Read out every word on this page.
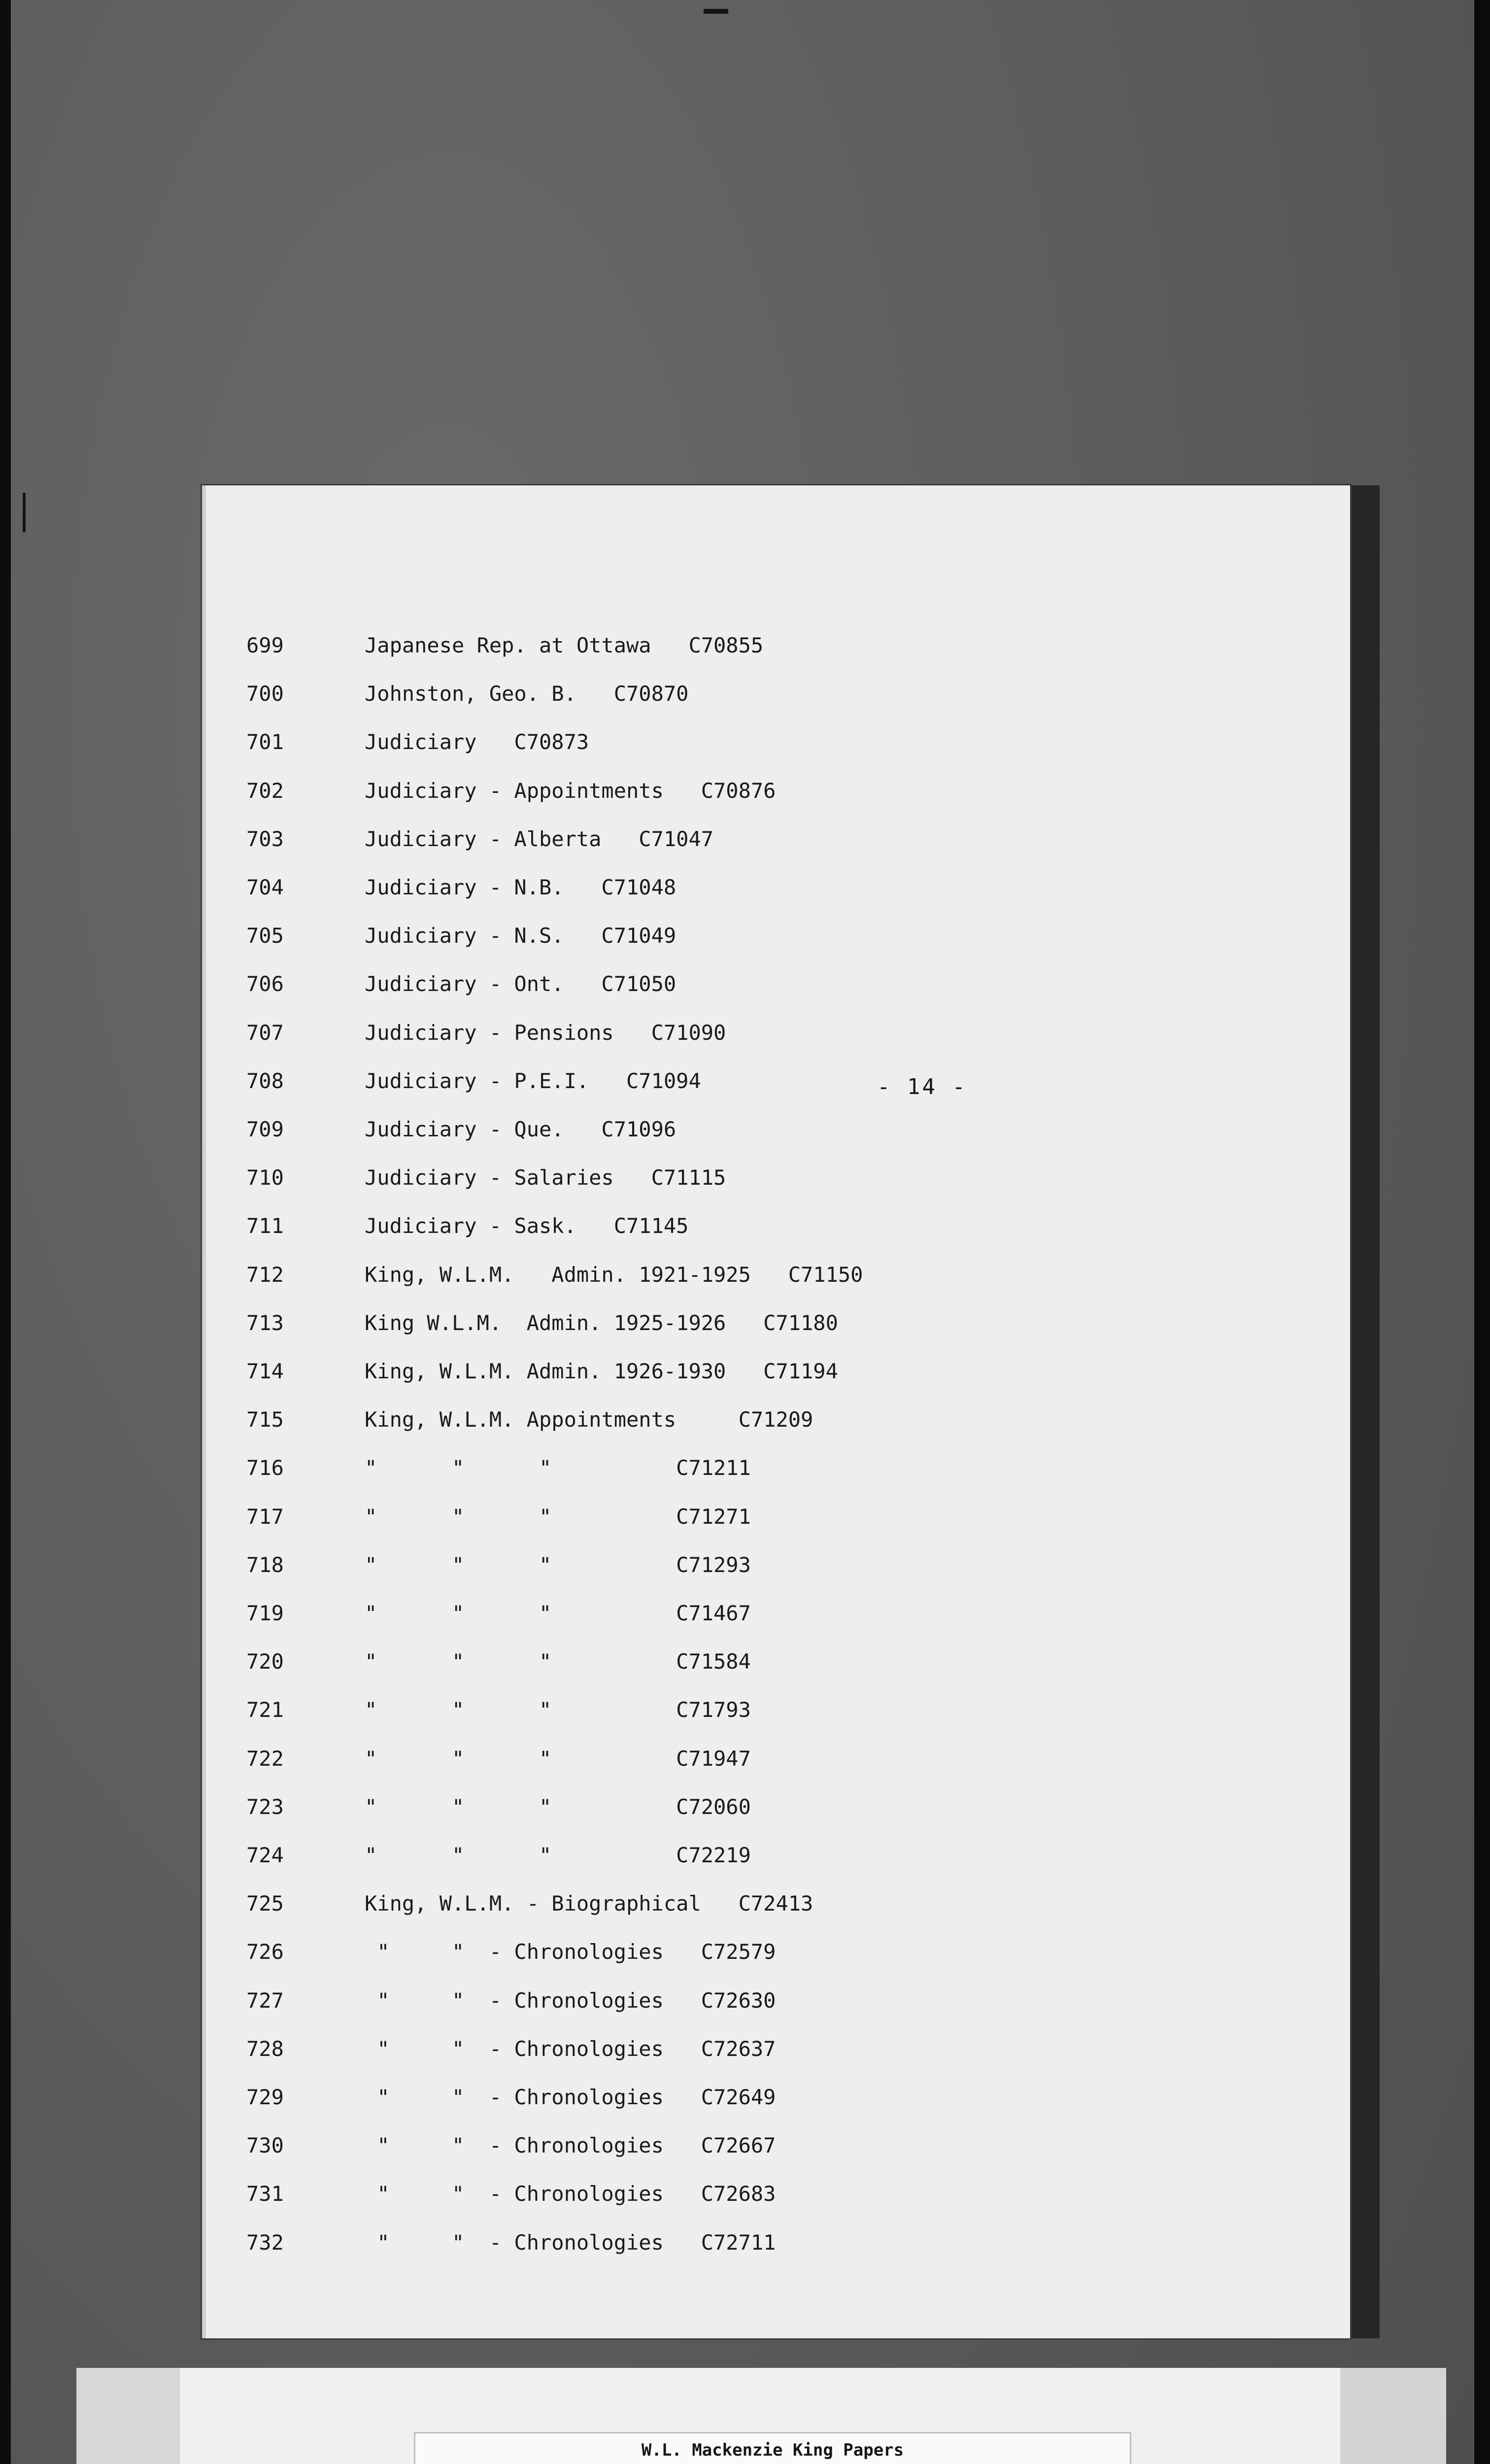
- 14 -
699	Japanese Rep. at Ottawa   C70855
700	Johnston, Geo. B.   C70870
701	Judiciary   C70873
702	Judiciary - Appointments   C70876
703	Judiciary - Alberta   C71047
704	Judiciary - N.B.   C71048
705	Judiciary - N.S.   C71049
706	Judiciary - Ont.   C71050
707	Judiciary - Pensions   C71090
708	Judiciary - P.E.I.   C71094
709	Judiciary - Que.   C71096
710	Judiciary - Salaries   C71115
711	Judiciary - Sask.   C71145
712	King, W.L.M.   Admin. 1921-1925   C71150
713	King W.L.M.  Admin. 1925-1926   C71180
714	King, W.L.M. Admin. 1926-1930   C71194
715	King, W.L.M. Appointments     C71209
716	"      "      "          C71211
717	"      "      "          C71271
718	"      "      "          C71293
719	"      "      "          C71467
720	"      "      "          C71584
721	"      "      "          C71793
722	"      "      "          C71947
723	"      "      "          C72060
724	"      "      "          C72219
725	King, W.L.M. - Biographical   C72413
726	"     "  - Chronologies   C72579
727	"     "  - Chronologies   C72630
728	"     "  - Chronologies   C72637
729	"     "  - Chronologies   C72649
730	"     "  - Chronologies   C72667
731	"     "  - Chronologies   C72683
732	"     "  - Chronologies   C72711
W.L. Mackenzie King Papers
